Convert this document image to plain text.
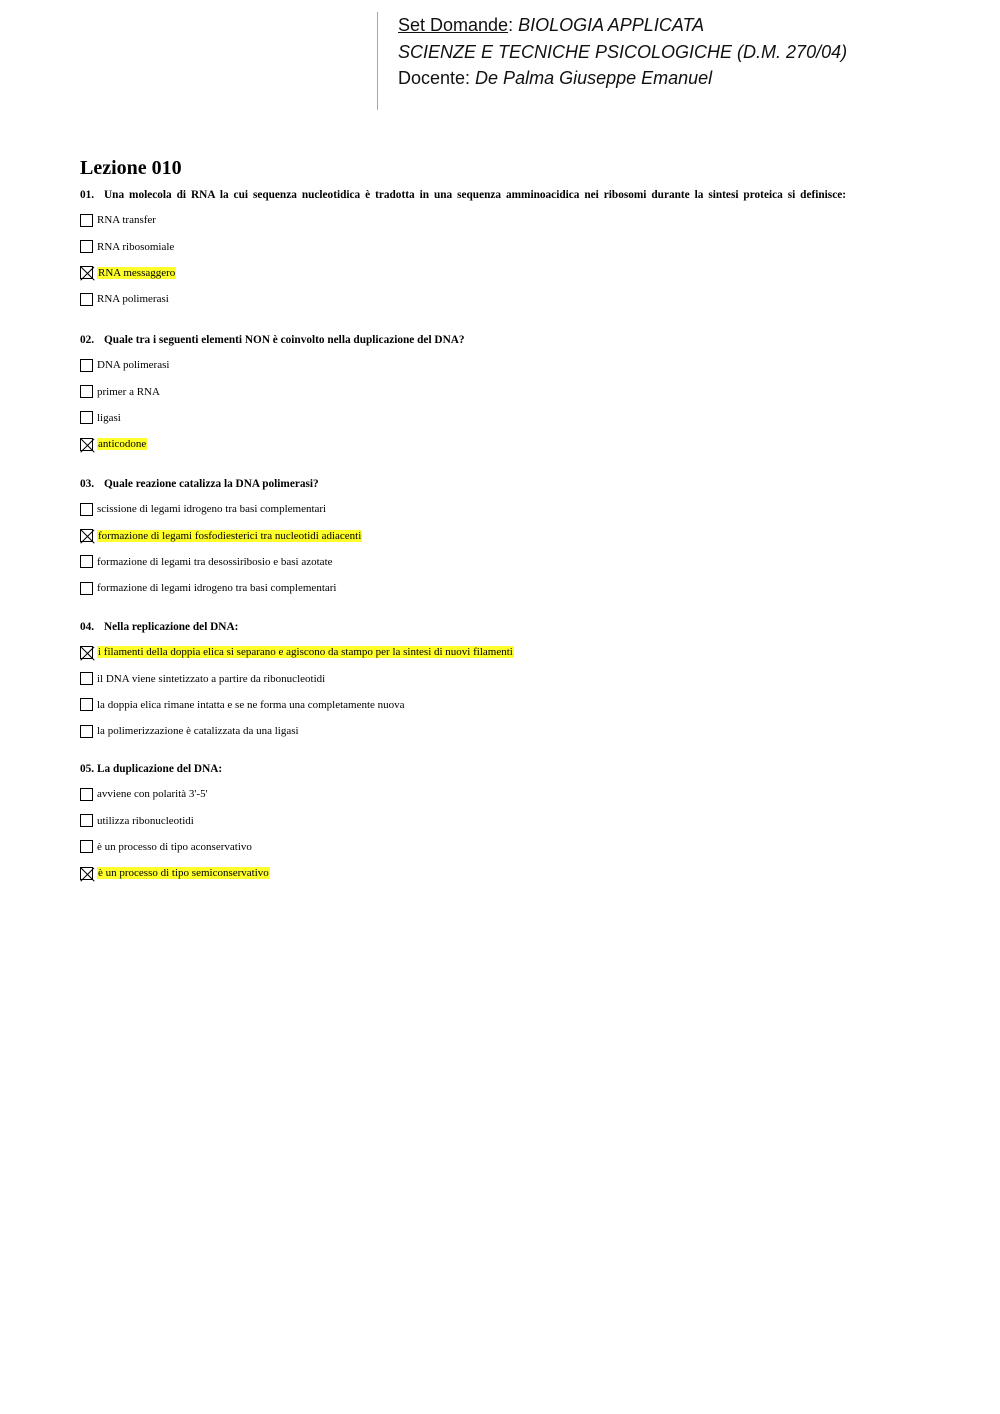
Set Domande: BIOLOGIA APPLICATA
SCIENZE E TECNICHE PSICOLOGICHE (D.M. 270/04)
Docente: De Palma Giuseppe Emanuel
Lezione 010
01. Una molecola di RNA la cui sequenza nucleotidica è tradotta in una sequenza amminoacidica nei ribosomi durante la sintesi proteica si definisce:
RNA transfer
RNA ribosomiale
RNA messaggero
RNA polimerasi
02. Quale tra i seguenti elementi NON è coinvolto nella duplicazione del DNA?
DNA polimerasi
primer a RNA
ligasi
anticodone
03. Quale reazione catalizza la DNA polimerasi?
scissione di legami idrogeno tra basi complementari
formazione di legami fosfodiesterici tra nucleotidi adiacenti
formazione di legami tra desossiribosio e basi azotate
formazione di legami idrogeno tra basi complementari
04. Nella replicazione del DNA:
i filamenti della doppia elica si separano e agiscono da stampo per la sintesi di nuovi filamenti
il DNA viene sintetizzato a partire da ribonucleotidi
la doppia elica rimane intatta e se ne forma una completamente nuova
la polimerizzazione è catalizzata da una ligasi
05. La duplicazione del DNA:
avviene con polarità 3'-5'
utilizza ribonucleotidi
è un processo di tipo aconservativo
è un processo di tipo semiconservativo
